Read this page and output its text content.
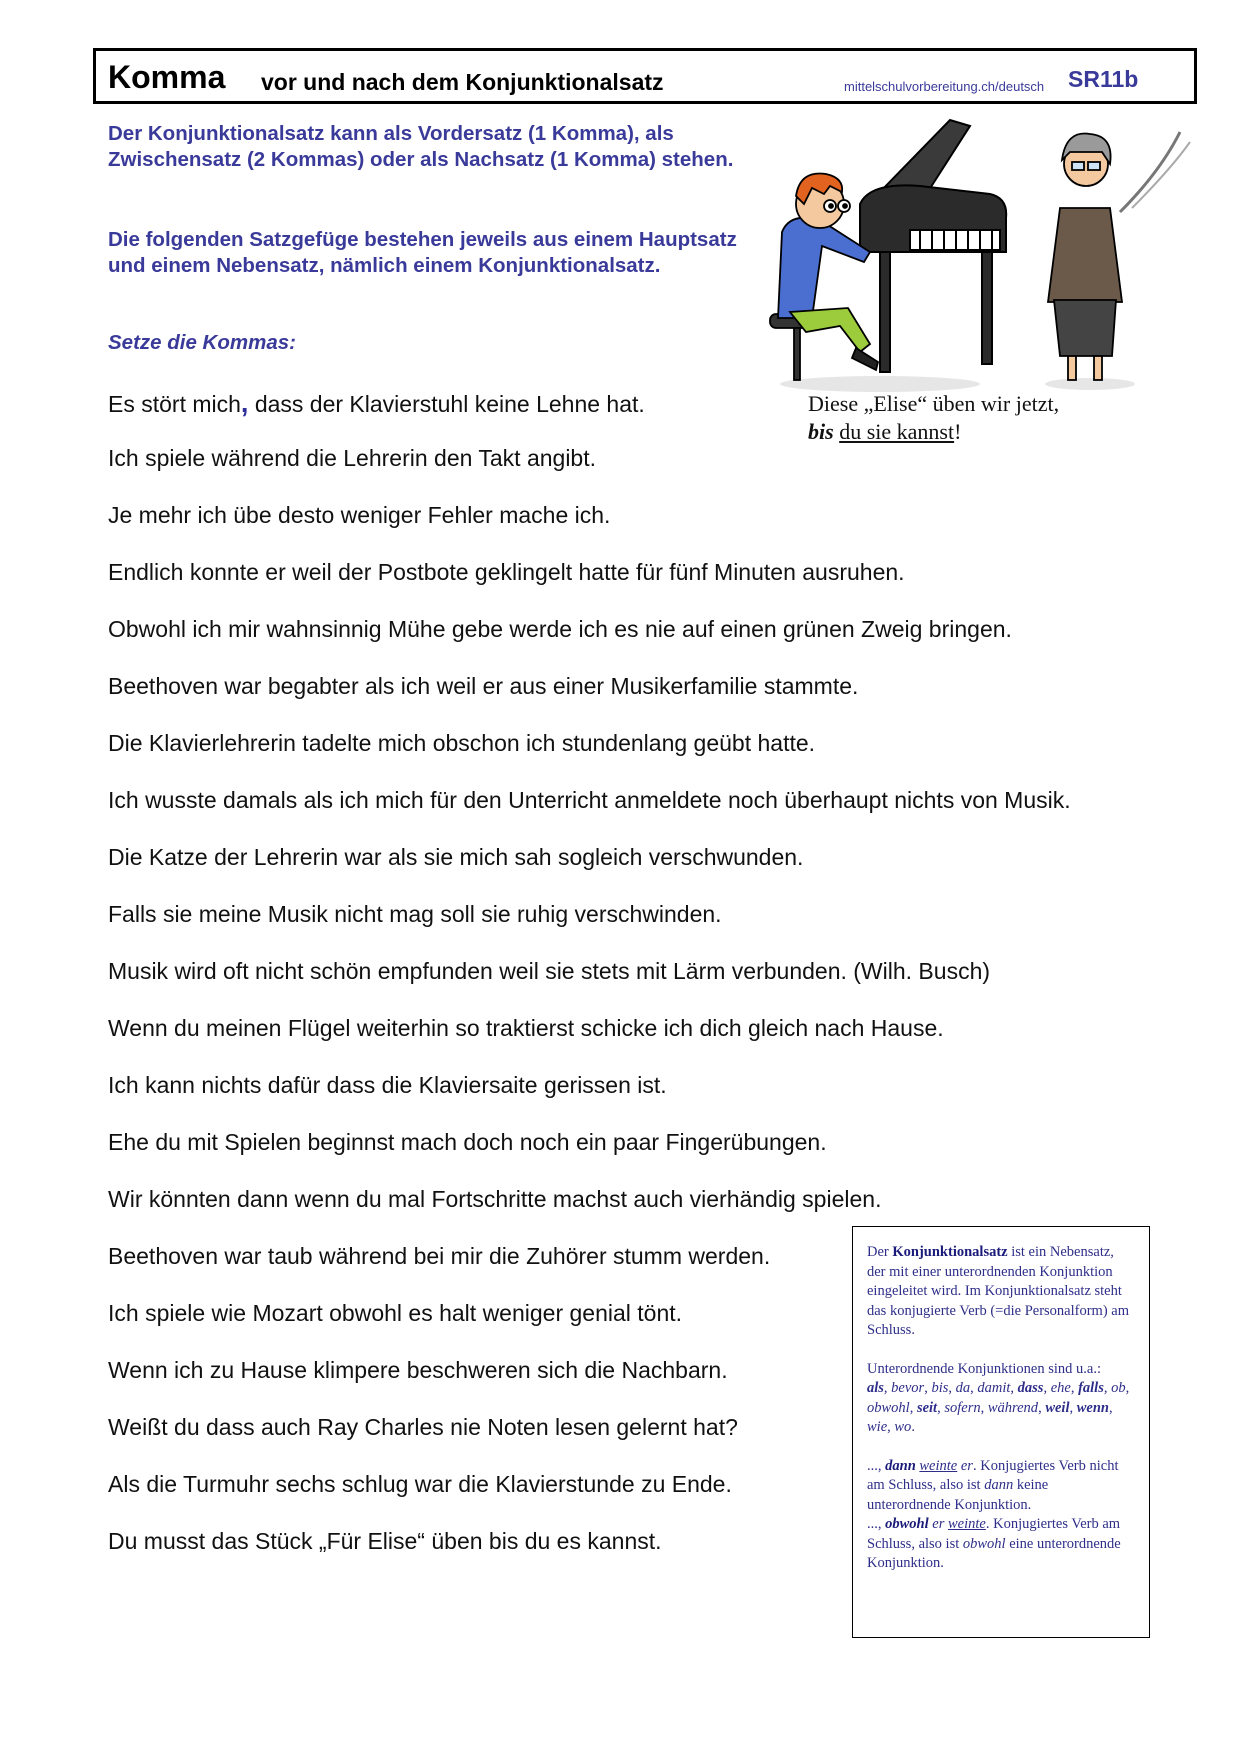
Komma vor und nach dem Konjunktionalsatz	mittelschulvorbereitung.ch/deutsch SR11b
Der Konjunktionalsatz kann als Vordersatz (1 Komma), als Zwischensatz (2 Kommas) oder als Nachsatz (1 Komma) stehen.
Die folgenden Satzgefüge bestehen jeweils aus einem Hauptsatz und einem Nebensatz, nämlich einem Konjunktionalsatz.
Setze die Kommas:
Diese „Elise“ üben wir jetzt,
bis du sie kannst!
Es stört mich, dass der Klavierstuhl keine Lehne hat.
Ich spiele während die Lehrerin den Takt angibt.
Je mehr ich übe desto weniger Fehler mache ich.
Endlich konnte er weil der Postbote geklingelt hatte für fünf Minuten ausruhen.
Obwohl ich mir wahnsinnig Mühe gebe werde ich es nie auf einen grünen Zweig bringen.
Beethoven war begabter als ich weil er aus einer Musikerfamilie stammte.
Die Klavierlehrerin tadelte mich obschon ich stundenlang geübt hatte.
Ich wusste damals als ich mich für den Unterricht anmeldete noch überhaupt nichts von Musik.
Die Katze der Lehrerin war als sie mich sah sogleich verschwunden.
Falls sie meine Musik nicht mag soll sie ruhig verschwinden.
Musik wird oft nicht schön empfunden weil sie stets mit Lärm verbunden. (Wilh. Busch)
Wenn du meinen Flügel weiterhin so traktierst schicke ich dich gleich nach Hause.
Ich kann nichts dafür dass die Klaviersaite gerissen ist.
Ehe du mit Spielen beginnst mach doch noch ein paar Fingerübungen.
Wir könnten dann wenn du mal Fortschritte machst auch vierhändig spielen.
Beethoven war taub während bei mir die Zuhörer stumm werden.
Ich spiele wie Mozart obwohl es halt weniger genial tönt.
Wenn ich zu Hause klimpere beschweren sich die Nachbarn.
Weißt du dass auch Ray Charles nie Noten lesen gelernt hat?
Als die Turmuhr sechs schlug war die Klavierstunde zu Ende.
Du musst das Stück „Für Elise“ üben bis du es kannst.

Der Konjunktionalsatz ist ein Nebensatz, der mit einer unterordnenden Konjunktion eingeleitet wird. Im Konjunktionalsatz steht das konjugierte Verb (=die Personalform) am Schluss.

Unterordnende Konjunktionen sind u.a.:
als, bevor, bis, da, damit, dass, ehe, falls, ob, obwohl, seit, sofern, während, weil, wenn, wie, wo.

..., dann weinte er. Konjugiertes Verb nicht am Schluss, also ist dann keine unterordnende Konjunktion.

..., obwohl er weinte. Konjugiertes Verb am Schluss, also ist obwohl eine unterordnende Konjunktion.
